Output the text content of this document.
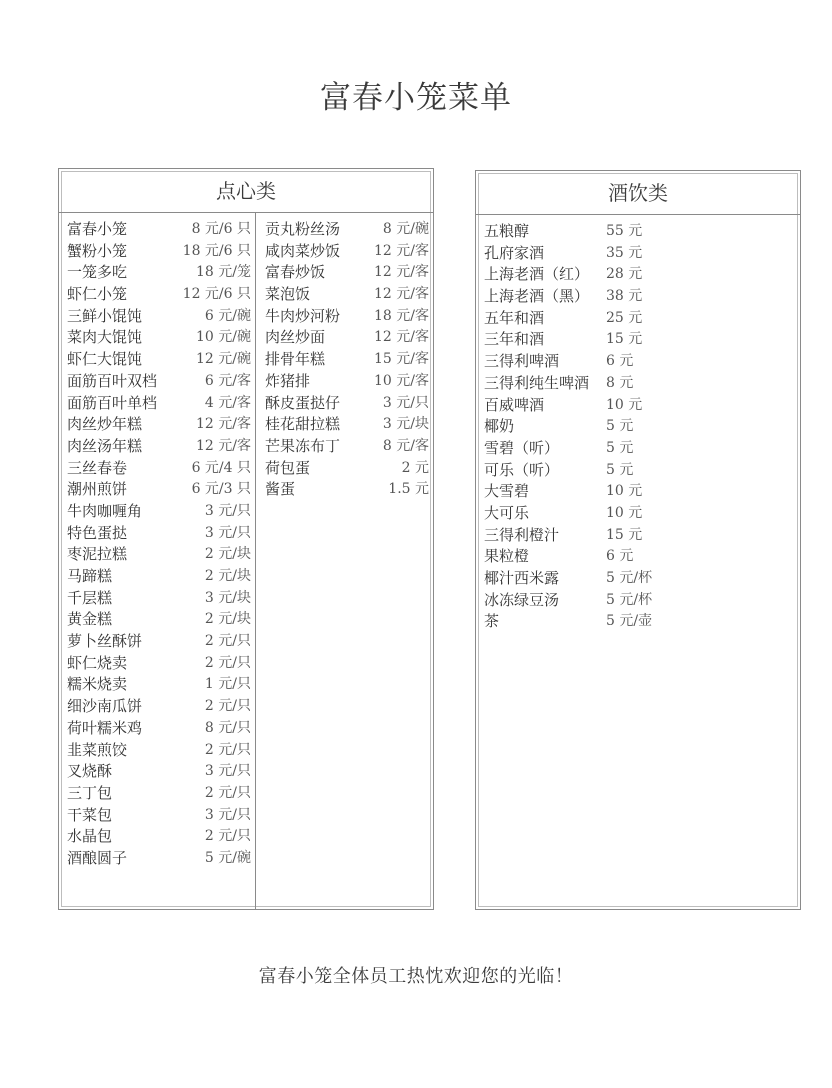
富春小笼菜单
点心类
富春小笼	8 元/6 只
蟹粉小笼	18 元/6 只
一笼多吃	18 元/笼
虾仁小笼	12 元/6 只
三鲜小馄饨	6 元/碗
菜肉大馄饨	10 元/碗
虾仁大馄饨	12 元/碗
面筋百叶双档	6 元/客
面筋百叶单档	4 元/客
肉丝炒年糕	12 元/客
肉丝汤年糕	12 元/客
三丝春卷	6 元/4 只
潮州煎饼	6 元/3 只
牛肉咖喱角	3 元/只
特色蛋挞	3 元/只
枣泥拉糕	2 元/块
马蹄糕	2 元/块
千层糕	3 元/块
黄金糕	2 元/块
萝卜丝酥饼	2 元/只
虾仁烧卖	2 元/只
糯米烧卖	1 元/只
细沙南瓜饼	2 元/只
荷叶糯米鸡	8 元/只
韭菜煎饺	2 元/只
叉烧酥	3 元/只
三丁包	2 元/只
干菜包	3 元/只
水晶包	2 元/只
酒酿圆子	5 元/碗
贡丸粉丝汤	8 元/碗
咸肉菜炒饭 12 元/客
富春炒饭	12 元/客
菜泡饭	12 元/客
牛肉炒河粉 18 元/客
肉丝炒面	12 元/客
排骨年糕	15 元/客
炸猪排	10 元/客
酥皮蛋挞仔	3 元/只
桂花甜拉糕	3 元/块
芒果冻布丁	8 元/客
荷包蛋	2 元
酱蛋	1.5 元
酒饮类
五粮醇	55 元
孔府家酒	35 元
上海老酒（红） 28 元
上海老酒（黑） 38 元
五年和酒	25 元
三年和酒	15 元
三得利啤酒	6 元
三得利纯生啤酒 8 元
百威啤酒	10 元
椰奶	5 元
雪碧（听）	5 元
可乐（听）	5 元
大雪碧	10 元
大可乐	10 元
三得利橙汁	15 元
果粒橙	6 元
椰汁西米露	5 元/杯
冰冻绿豆汤	5 元/杯
茶	5 元/壶
富春小笼全体员工热忱欢迎您的光临！
